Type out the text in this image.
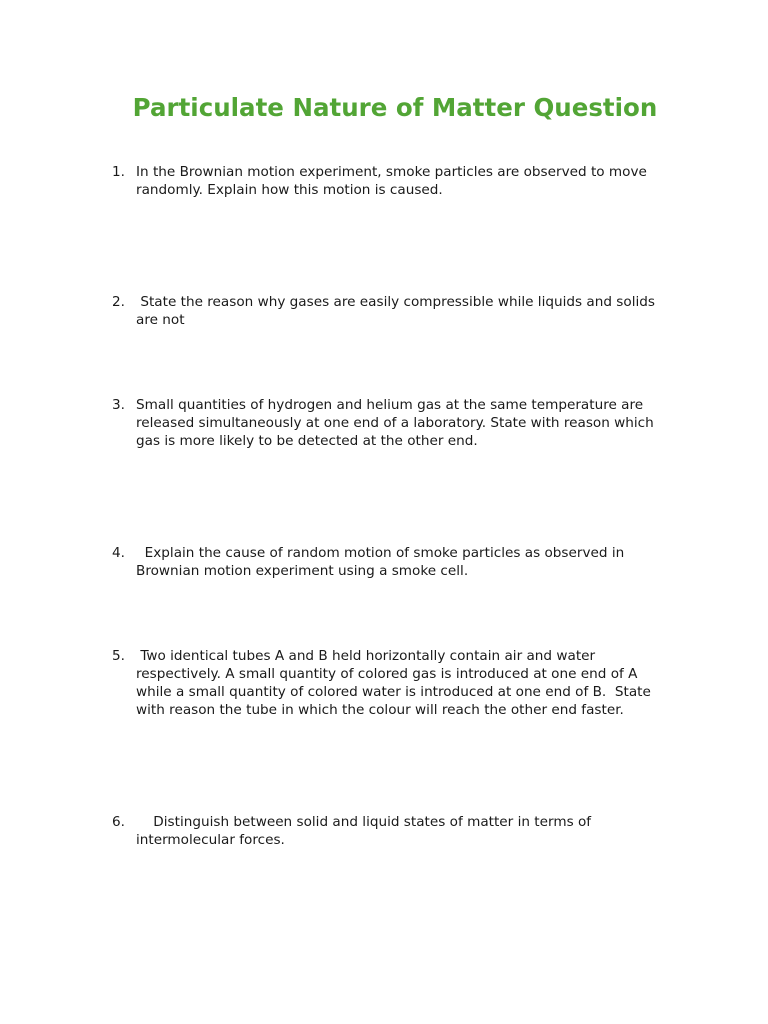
Particulate Nature of Matter Question
1. In the Brownian motion experiment, smoke particles are observed to move randomly. Explain how this motion is caused.
2. State the reason why gases are easily compressible while liquids and solids are not
3. Small quantities of hydrogen and helium gas at the same temperature are released simultaneously at one end of a laboratory. State with reason which gas is more likely to be detected at the other end.
4. Explain the cause of random motion of smoke particles as observed in Brownian motion experiment using a smoke cell.
5. Two identical tubes A and B held horizontally contain air and water respectively. A small quantity of colored gas is introduced at one end of A while a small quantity of colored water is introduced at one end of B.  State with reason the tube in which the colour will reach the other end faster.
6. Distinguish between solid and liquid states of matter in terms of intermolecular forces.
